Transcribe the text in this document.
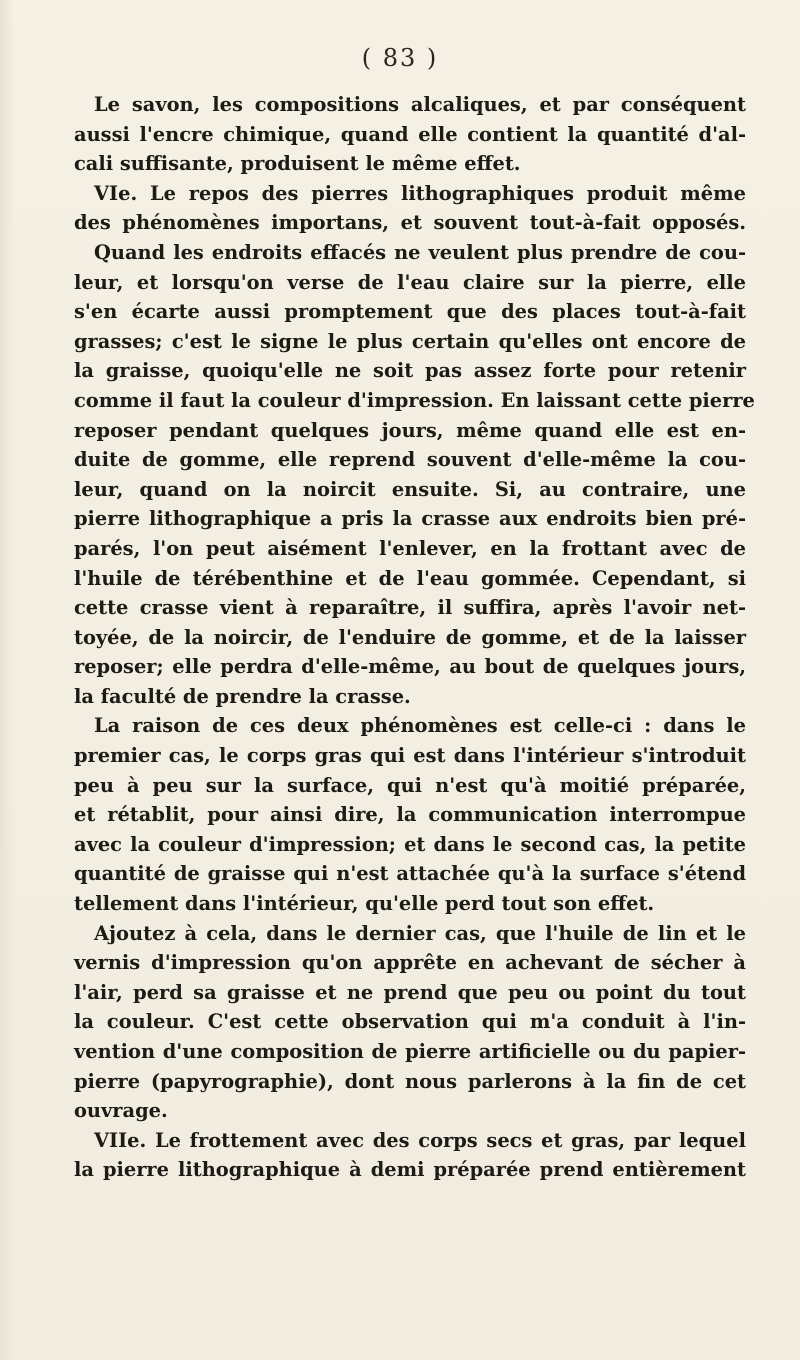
( 83 )
Le savon, les compositions alcaliques, et par conséquent
aussi l'encre chimique, quand elle contient la quantité d'al-
cali suffisante, produisent le même effet.
VIe. Le repos des pierres lithographiques produit même
des phénomènes importans, et souvent tout-à-fait opposés.
Quand les endroits effacés ne veulent plus prendre de cou-
leur, et lorsqu'on verse de l'eau claire sur la pierre, elle
s'en écarte aussi promptement que des places tout-à-fait
grasses; c'est le signe le plus certain qu'elles ont encore de
la graisse, quoiqu'elle ne soit pas assez forte pour retenir
comme il faut la couleur d'impression. En laissant cette pierre
reposer pendant quelques jours, même quand elle est en-
duite de gomme, elle reprend souvent d'elle-même la cou-
leur, quand on la noircit ensuite. Si, au contraire, une
pierre lithographique a pris la crasse aux endroits bien pré-
parés, l'on peut aisément l'enlever, en la frottant avec de
l'huile de térébenthine et de l'eau gommée. Cependant, si
cette crasse vient à reparaître, il suffira, après l'avoir net-
toyée, de la noircir, de l'enduire de gomme, et de la laisser
reposer; elle perdra d'elle-même, au bout de quelques jours,
la faculté de prendre la crasse.
La raison de ces deux phénomènes est celle-ci : dans le
premier cas, le corps gras qui est dans l'intérieur s'introduit
peu à peu sur la surface, qui n'est qu'à moitié préparée,
et rétablit, pour ainsi dire, la communication interrompue
avec la couleur d'impression; et dans le second cas, la petite
quantité de graisse qui n'est attachée qu'à la surface s'étend
tellement dans l'intérieur, qu'elle perd tout son effet.
Ajoutez à cela, dans le dernier cas, que l'huile de lin et le
vernis d'impression qu'on apprête en achevant de sécher à
l'air, perd sa graisse et ne prend que peu ou point du tout
la couleur. C'est cette observation qui m'a conduit à l'in-
vention d'une composition de pierre artificielle ou du papier-
pierre (papyrographie), dont nous parlerons à la fin de cet
ouvrage.
VIIe. Le frottement avec des corps secs et gras, par lequel
la pierre lithographique à demi préparée prend entièrement
